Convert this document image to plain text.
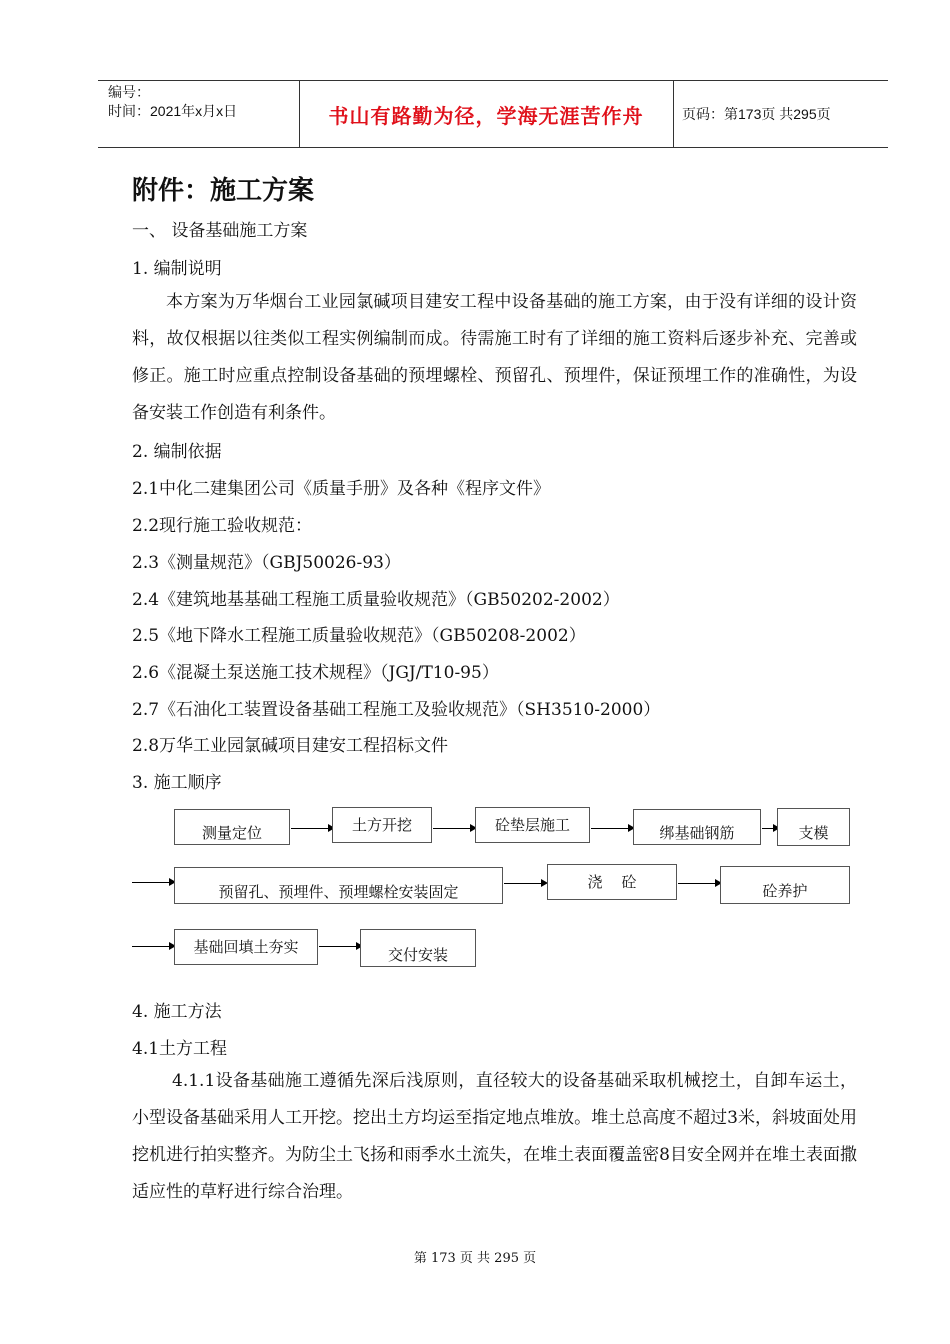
编号：
时间：2021年x月x日	书山有路勤为径，学海无涯苦作舟	页码：第173页 共295页
附件：施工方案
一、 设备基础施工方案
1. 编制说明
本方案为万华烟台工业园氯碱项目建安工程中设备基础的施工方案，由于没有详细的设计资料，故仅根据以往类似工程实例编制而成。待需施工时有了详细的施工资料后逐步补充、完善或修正。施工时应重点控制设备基础的预埋螺栓、预留孔、预埋件，保证预埋工作的准确性，为设备安装工作创造有利条件。
2. 编制依据
2.1中化二建集团公司《质量手册》及各种《程序文件》
2.2现行施工验收规范：
2.3《测量规范》（GBJ50026-93）
2.4《建筑地基基础工程施工质量验收规范》（GB50202-2002）
2.5《地下降水工程施工质量验收规范》（GB50208-2002）
2.6《混凝土泵送施工技术规程》（JGJ/T10-95）
2.7《石油化工装置设备基础工程施工及验收规范》（SH3510-2000）
2.8万华工业园氯碱项目建安工程招标文件
3. 施工顺序
测量定位	土方开挖	砼垫层施工	绑基础钢筋	支模
预留孔、预埋件、预埋螺栓安装固定
浇    砼	砼养护
基础回填土夯实	交付安装
4. 施工方法
4.1土方工程
4.1.1设备基础施工遵循先深后浅原则，直径较大的设备基础采取机械挖土，自卸车运土，小型设备基础采用人工开挖。挖出土方均运至指定地点堆放。堆土总高度不超过3米，斜坡面处用挖机进行拍实整齐。为防尘土飞扬和雨季水土流失，在堆土表面覆盖密8目安全网并在堆土表面撒适应性的草籽进行综合治理。
第 173 页 共 295 页
